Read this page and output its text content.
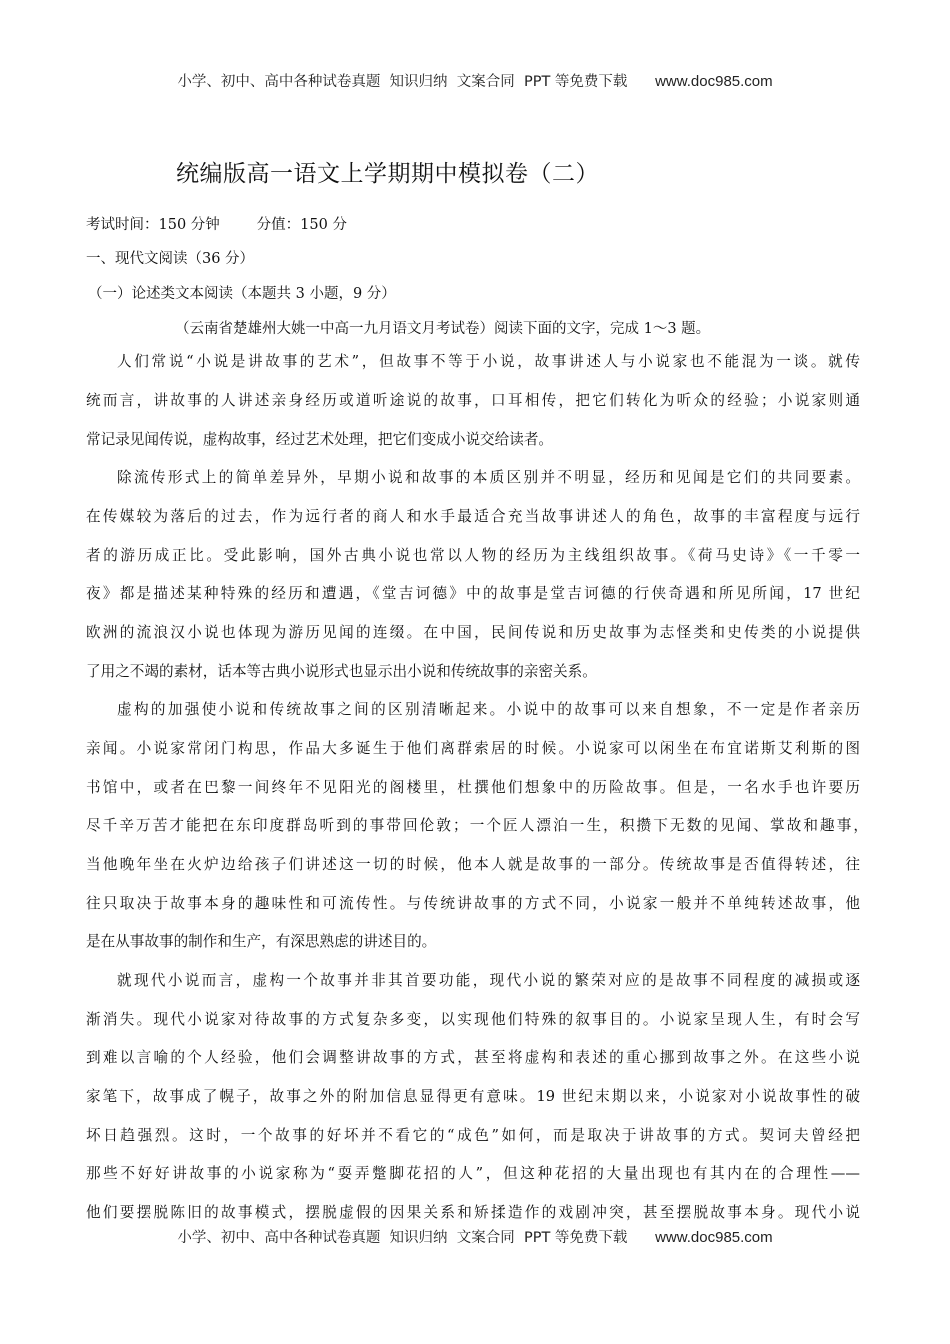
小学、初中、高中各种试卷真题  知识归纳  文案合同  PPT 等免费下载 www.doc985.com
统编版高一语文上学期期中模拟卷（二）
考试时间：150 分钟        分值：150 分
一、现代文阅读（36 分）
（一）论述类文本阅读（本题共 3 小题，9 分）
（云南省楚雄州大姚一中高一九月语文月考试卷）阅读下面的文字，完成 1～3 题。
人们常说“小说是讲故事的艺术”，但故事不等于小说，故事讲述人与小说家也不能混为一谈。就传
统而言，讲故事的人讲述亲身经历或道听途说的故事，口耳相传，把它们转化为听众的经验；小说家则通
常记录见闻传说，虚构故事，经过艺术处理，把它们变成小说交给读者。
除流传形式上的简单差异外，早期小说和故事的本质区别并不明显，经历和见闻是它们的共同要素。
在传媒较为落后的过去，作为远行者的商人和水手最适合充当故事讲述人的角色，故事的丰富程度与远行
者的游历成正比。受此影响，国外古典小说也常以人物的经历为主线组织故事。《荷马史诗》《一千零一
夜》都是描述某种特殊的经历和遭遇，《堂吉诃德》中的故事是堂吉诃德的行侠奇遇和所见所闻，17 世纪
欧洲的流浪汉小说也体现为游历见闻的连缀。在中国，民间传说和历史故事为志怪类和史传类的小说提供
了用之不竭的素材，话本等古典小说形式也显示出小说和传统故事的亲密关系。
虚构的加强使小说和传统故事之间的区别清晰起来。小说中的故事可以来自想象，不一定是作者亲历
亲闻。小说家常闭门构思，作品大多诞生于他们离群索居的时候。小说家可以闲坐在布宜诺斯艾利斯的图
书馆中，或者在巴黎一间终年不见阳光的阁楼里，杜撰他们想象中的历险故事。但是，一名水手也许要历
尽千辛万苦才能把在东印度群岛听到的事带回伦敦；一个匠人漂泊一生，积攒下无数的见闻、掌故和趣事，
当他晚年坐在火炉边给孩子们讲述这一切的时候，他本人就是故事的一部分。传统故事是否值得转述，往
往只取决于故事本身的趣味性和可流传性。与传统讲故事的方式不同，小说家一般并不单纯转述故事，他
是在从事故事的制作和生产，有深思熟虑的讲述目的。
就现代小说而言，虚构一个故事并非其首要功能，现代小说的繁荣对应的是故事不同程度的减损或逐
渐消失。现代小说家对待故事的方式复杂多变，以实现他们特殊的叙事目的。小说家呈现人生，有时会写
到难以言喻的个人经验，他们会调整讲故事的方式，甚至将虚构和表述的重心挪到故事之外。在这些小说
家笔下，故事成了幌子，故事之外的附加信息显得更有意味。19 世纪末期以来，小说家对小说故事性的破
坏日趋强烈。这时，一个故事的好坏并不看它的“成色”如何，而是取决于讲故事的方式。契诃夫曾经把
那些不好好讲故事的小说家称为“耍弄蹩脚花招的人”，但这种花招的大量出现也有其内在的合理性——
他们要摆脱陈旧的故事模式，摆脱虚假的因果关系和矫揉造作的戏剧冲突，甚至摆脱故事本身。现代小说
小学、初中、高中各种试卷真题  知识归纳  文案合同  PPT 等免费下载 www.doc985.com
